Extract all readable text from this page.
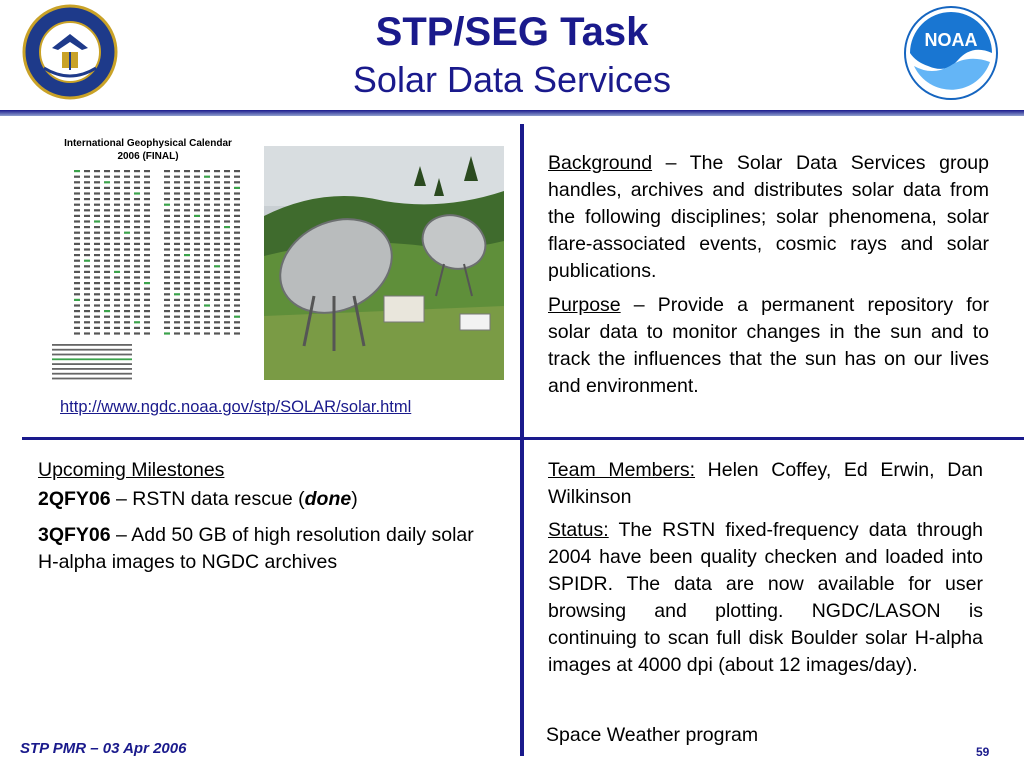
NOAA
STP/SEG Task
Solar Data Services
International Geophysical Calendar
2006 (FINAL)
http://www.ngdc.noaa.gov/stp/SOLAR/solar.html
Background – The Solar Data Services group handles, archives and distributes solar data from the following disciplines; solar phenomena, solar flare-associated events, cosmic rays and solar publications.
Purpose – Provide a permanent repository for solar data to monitor changes in the sun and to track the influences that the sun has on our lives and environment.
Upcoming Milestones
2QFY06 – RSTN data rescue (done)
3QFY06 – Add 50 GB of high resolution daily solar H-alpha images to NGDC archives
Team Members: Helen Coffey, Ed Erwin, Dan Wilkinson
Status: The RSTN fixed-frequency data through 2004 have been quality checken and loaded into SPIDR. The data are now available for user browsing and plotting. NGDC/LASON is continuing to scan full disk Boulder solar H-alpha images at 4000 dpi (about 12 images/day).
Space Weather program
STP PMR – 03 Apr 2006	59
